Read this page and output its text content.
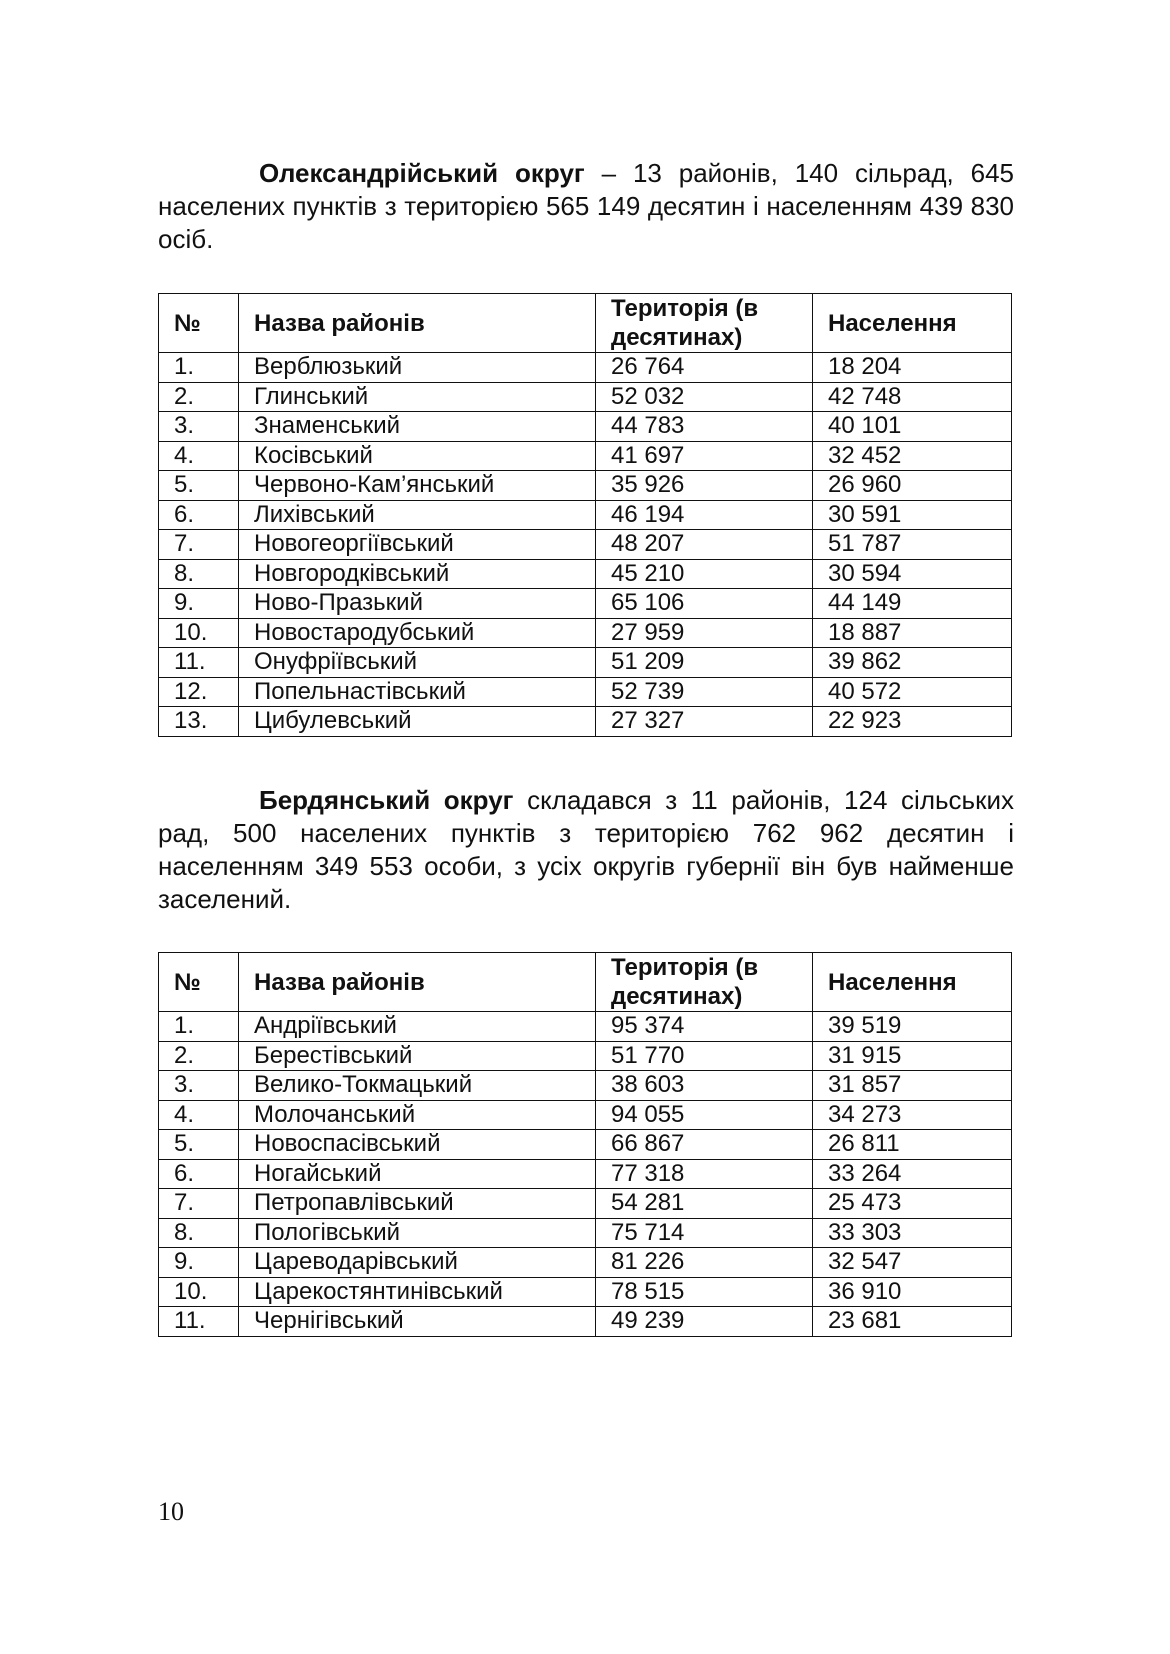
Олександрійський округ – 13 районів, 140 сільрад, 645 населених пунктів з територією 565 149 десятин і населенням 439 830 осіб.

№	Назва районів	Територія (в десятинах)	Населення
1.	Верблюзький	26 764	18 204
2.	Глинський	52 032	42 748
3.	Знаменський	44 783	40 101
4.	Косівський	41 697	32 452
5.	Червоно-Кам’янський	35 926	26 960
6.	Лихівський	46 194	30 591
7.	Новогеоргіївський	48 207	51 787
8.	Новгородківський	45 210	30 594
9.	Ново-Празький	65 106	44 149
10.	Новостародубський	27 959	18 887
11.	Онуфріївський	51 209	39 862
12.	Попельнастівський	52 739	40 572
13.	Цибулевський	27 327	22 923

Бердянський округ складався з 11 районів, 124 сільських рад, 500 населених пунктів з територією 762 962 десятин і населенням 349 553 особи, з усіх округів губернії він був найменше заселений.

№	Назва районів	Територія (в десятинах)	Населення
1.	Андріївський	95 374	39 519
2.	Берестівський	51 770	31 915
3.	Велико-Токмацький	38 603	31 857
4.	Молочанський	94 055	34 273
5.	Новоспасівський	66 867	26 811
6.	Ногайський	77 318	33 264
7.	Петропавлівський	54 281	25 473
8.	Пологівський	75 714	33 303
9.	Цареводарівський	81 226	32 547
10.	Царекостянтинівський	78 515	36 910
11.	Чернігівський	49 239	23 681
10
